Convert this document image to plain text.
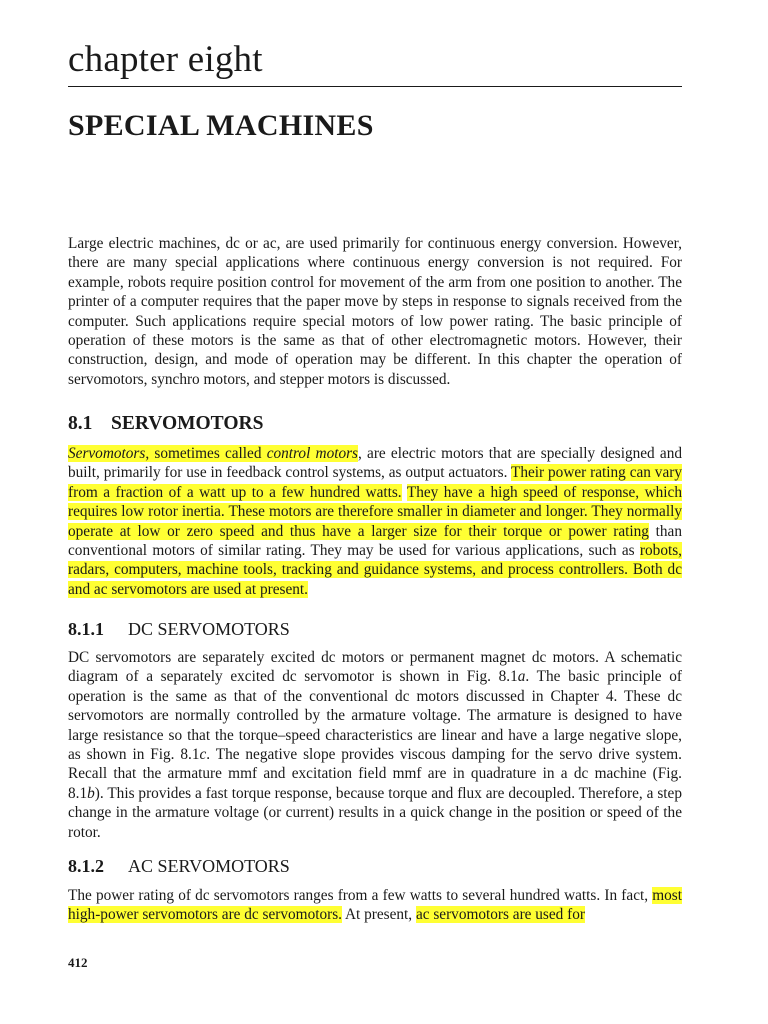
chapter eight
SPECIAL MACHINES

Large electric machines, dc or ac, are used primarily for continuous energy conversion. However, there are many special applications where continuous energy conversion is not required. For example, robots require position control for movement of the arm from one position to another. The printer of a computer requires that the paper move by steps in response to signals received from the computer. Such applications require special motors of low power rating. The basic principle of operation of these motors is the same as that of other electromagnetic motors. However, their construction, design, and mode of operation may be different. In this chapter the operation of servomotors, synchro motors, and stepper motors is discussed.

8.1 SERVOMOTORS

Servomotors, sometimes called control motors, are electric motors that are specially designed and built, primarily for use in feedback control systems, as output actuators. Their power rating can vary from a fraction of a watt up to a few hundred watts. They have a high speed of response, which requires low rotor inertia. These motors are therefore smaller in diameter and longer. They normally operate at low or zero speed and thus have a larger size for their torque or power rating than conventional motors of similar rating. They may be used for various applications, such as robots, radars, computers, machine tools, tracking and guidance systems, and process controllers. Both dc and ac servomotors are used at present.

8.1.1 DC SERVOMOTORS

DC servomotors are separately excited dc motors or permanent magnet dc motors. A schematic diagram of a separately excited dc servomotor is shown in Fig. 8.1a. The basic principle of operation is the same as that of the conventional dc motors discussed in Chapter 4. These dc servomotors are normally controlled by the armature voltage. The armature is designed to have large resistance so that the torque–speed characteristics are linear and have a large negative slope, as shown in Fig. 8.1c. The negative slope provides viscous damping for the servo drive system. Recall that the armature mmf and excitation field mmf are in quadrature in a dc machine (Fig. 8.1b). This provides a fast torque response, because torque and flux are decoupled. Therefore, a step change in the armature voltage (or current) results in a quick change in the position or speed of the rotor.

8.1.2 AC SERVOMOTORS

The power rating of dc servomotors ranges from a few watts to several hundred watts. In fact, most high-power servomotors are dc servomotors. At present, ac servomotors are used for

412
